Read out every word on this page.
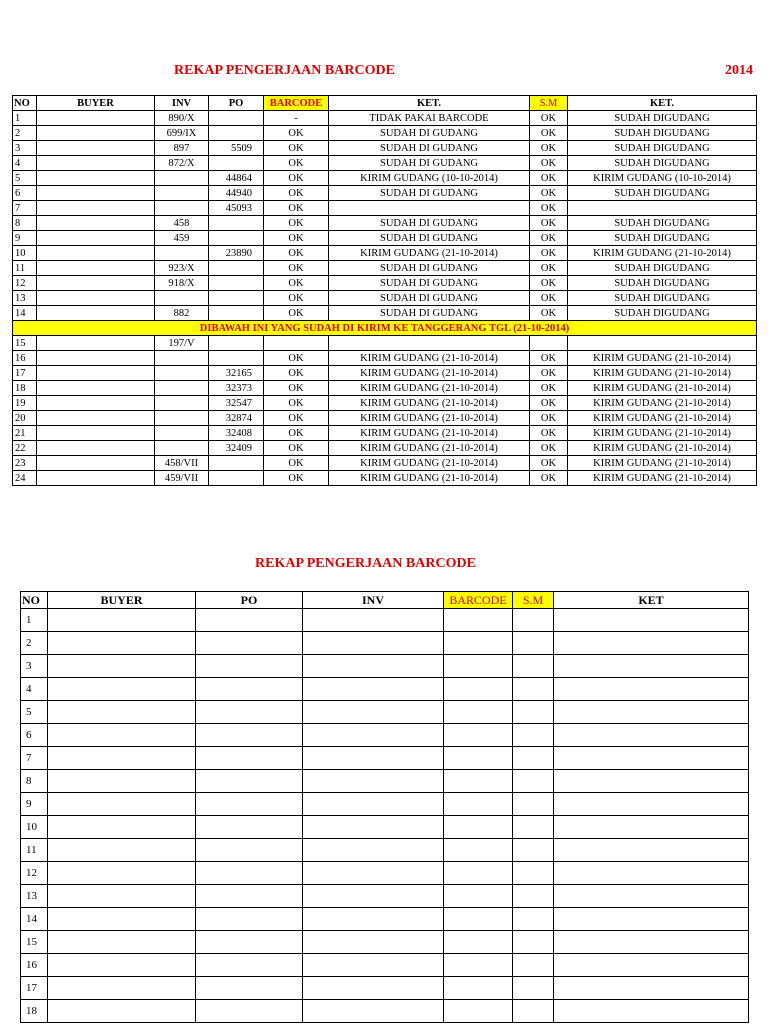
REKAP PENGERJAAN BARCODE	2014
NO	BUYER	INV	PO	BARCODE	KET.	S.M	KET.
1		890/X		-	TIDAK PAKAI BARCODE	OK	SUDAH DIGUDANG
2		699/IX		OK	SUDAH DI GUDANG	OK	SUDAH DIGUDANG
3		897	5509	OK	SUDAH DI GUDANG	OK	SUDAH DIGUDANG
4		872/X		OK	SUDAH DI GUDANG	OK	SUDAH DIGUDANG
5			44864	OK	KIRIM GUDANG (10-10-2014)	OK	KIRIM GUDANG (10-10-2014)
6			44940	OK	SUDAH DI GUDANG	OK	SUDAH DIGUDANG
7			45093	OK		OK	
8		458		OK	SUDAH DI GUDANG	OK	SUDAH DIGUDANG
9		459		OK	SUDAH DI GUDANG	OK	SUDAH DIGUDANG
10			23890	OK	KIRIM GUDANG (21-10-2014)	OK	KIRIM GUDANG (21-10-2014)
11		923/X		OK	SUDAH DI GUDANG	OK	SUDAH DIGUDANG
12		918/X		OK	SUDAH DI GUDANG	OK	SUDAH DIGUDANG
13				OK	SUDAH DI GUDANG	OK	SUDAH DIGUDANG
14		882		OK	SUDAH DI GUDANG	OK	SUDAH DIGUDANG
DIBAWAH INI YANG SUDAH DI KIRIM KE TANGGERANG TGL (21-10-2014)							
15		197/V					
16				OK	KIRIM GUDANG (21-10-2014)	OK	KIRIM GUDANG (21-10-2014)
17			32165	OK	KIRIM GUDANG (21-10-2014)	OK	KIRIM GUDANG (21-10-2014)
18			32373	OK	KIRIM GUDANG (21-10-2014)	OK	KIRIM GUDANG (21-10-2014)
19			32547	OK	KIRIM GUDANG (21-10-2014)	OK	KIRIM GUDANG (21-10-2014)
20			32874	OK	KIRIM GUDANG (21-10-2014)	OK	KIRIM GUDANG (21-10-2014)
21			32408	OK	KIRIM GUDANG (21-10-2014)	OK	KIRIM GUDANG (21-10-2014)
22			32409	OK	KIRIM GUDANG (21-10-2014)	OK	KIRIM GUDANG (21-10-2014)
23		458/VII		OK	KIRIM GUDANG (21-10-2014)	OK	KIRIM GUDANG (21-10-2014)
24		459/VII		OK	KIRIM GUDANG (21-10-2014)	OK	KIRIM GUDANG (21-10-2014)
REKAP PENGERJAAN BARCODE
NO	BUYER	PO	INV	BARCODE	S.M	KET
1						
2						
3						
4						
5						
6						
7						
8						
9						
10						
11						
12						
13						
14						
15						
16						
17						
18						
